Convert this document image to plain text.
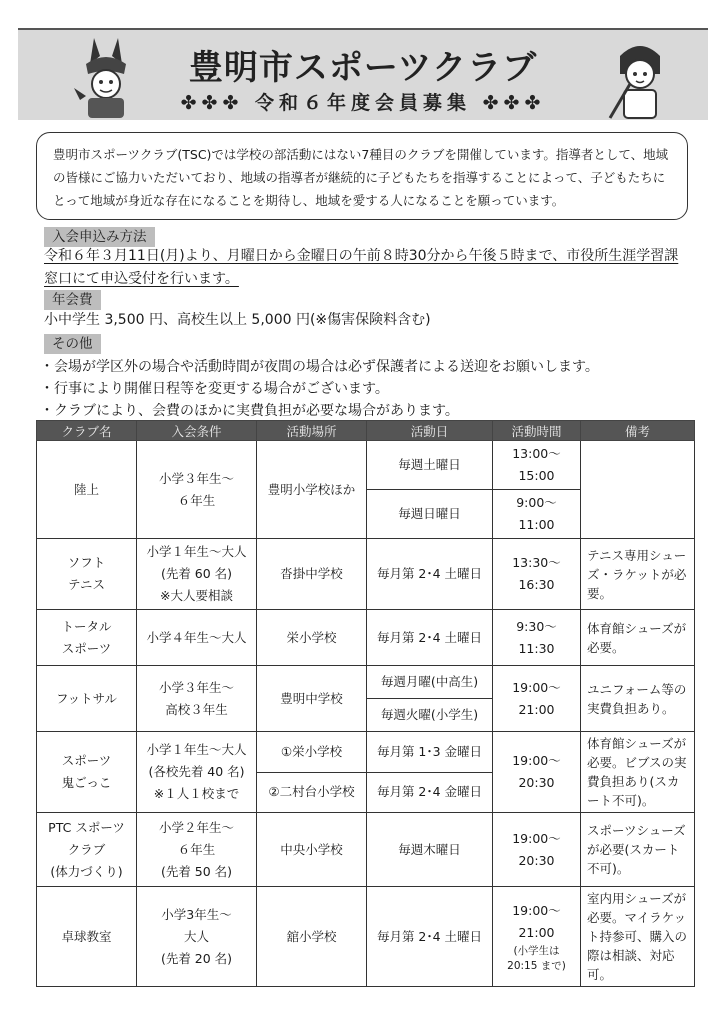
豊明市スポーツクラブ
✤✤✤ 令和６年度会員募集 ✤✤✤
豊明市スポーツクラブ(TSC)では学校の部活動にはない7種目のクラブを開催しています。指導者として、地域の皆様にご協力いただいており、地域の指導者が継続的に子どもたちを指導することによって、子どもたちにとって地域が身近な存在になることを期待し、地域を愛する人になることを願っています。
入会申込み方法
令和６年３月11日(月)より、月曜日から金曜日の午前８時30分から午後５時まで、市役所生涯学習課窓口にて申込受付を行います。
年会費
小中学生 3,500 円、高校生以上 5,000 円(※傷害保険料含む)
その他
・会場が学区外の場合や活動時間が夜間の場合は必ず保護者による送迎をお願いします。
・行事により開催日程等を変更する場合がございます。
・クラブにより、会費のほかに実費負担が必要な場合があります。
クラブ名	入会条件	活動場所	活動日	活動時間	備考

陸上	小学３年生～
６年生	豊明小学校ほか	毎週土曜日	13:00～
15:00	

			毎週日曜日	9:00～
11:00	

ソフト
テニス	小学１年生～大人
(先着 60 名)
※大人要相談	沓掛中学校	毎月第 2･4 土曜日	13:30～
16:30	テニス専用シューズ・ラケットが必要。

トータル
スポーツ	小学４年生～大人	栄小学校	毎月第 2･4 土曜日	9:30～
11:30	体育館シューズが必要。

フットサル	小学３年生～
高校３年生	豊明中学校	毎週月曜(中高生)	19:00～
21:00	ユニフォーム等の実費負担あり。
			毎週火曜(小学生)		

スポーツ
鬼ごっこ	小学１年生～大人
(各校先着 40 名)
※１人１校まで	①栄小学校	毎月第 1･3 金曜日	19:00～
20:30	体育館シューズが必要。ビブスの実費負担あり(スカート不可)。
		②二村台小学校	毎月第 2･4 金曜日		

PTC スポーツ
クラブ
(体力づくり)	小学２年生～
６年生
(先着 50 名)	中央小学校	毎週木曜日	19:00～
20:30	スポーツシューズが必要(スカート不可)。

卓球教室	小学3年生～
大人
(先着 20 名)	舘小学校	毎月第 2･4 土曜日	19:00～
21:00
(小学生は
20:15 まで)	室内用シューズが必要。マイラケット持参可、購入の際は相談、対応可。
